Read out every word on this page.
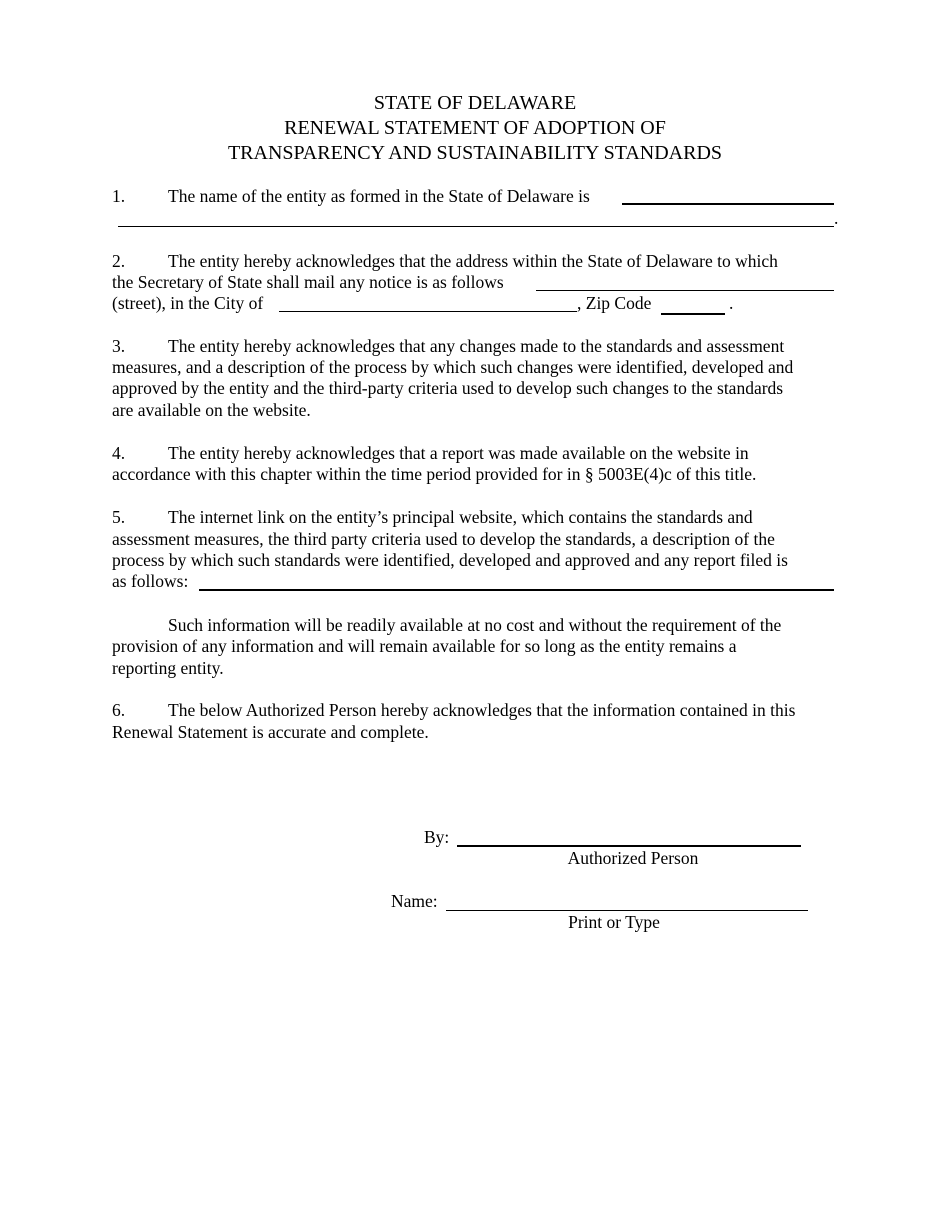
STATE OF DELAWARE
RENEWAL STATEMENT OF ADOPTION OF
TRANSPARENCY AND SUSTAINABILITY STANDARDS
1. The name of the entity as formed in the State of Delaware is
.
2. The entity hereby acknowledges that the address within the State of Delaware to which
the Secretary of State shall mail any notice is as follows
(street), in the City of	, Zip Code	.
3. The entity hereby acknowledges that any changes made to the standards and assessment
measures, and a description of the process by which such changes were identified, developed and
approved by the entity and the third-party criteria used to develop such changes to the standards
are available on the website.
4. The entity hereby acknowledges that a report was made available on the website in
accordance with this chapter within the time period provided for in § 5003E(4)c of this title.
5. The internet link on the entity’s principal website, which contains the standards and
assessment measures, the third party criteria used to develop the standards, a description of the
process by which such standards were identified, developed and approved and any report filed is
as follows:
Such information will be readily available at no cost and without the requirement of the
provision of any information and will remain available for so long as the entity remains a
reporting entity.
6. The below Authorized Person hereby acknowledges that the information contained in this
Renewal Statement is accurate and complete.
By:
Authorized Person
Name:
Print or Type
